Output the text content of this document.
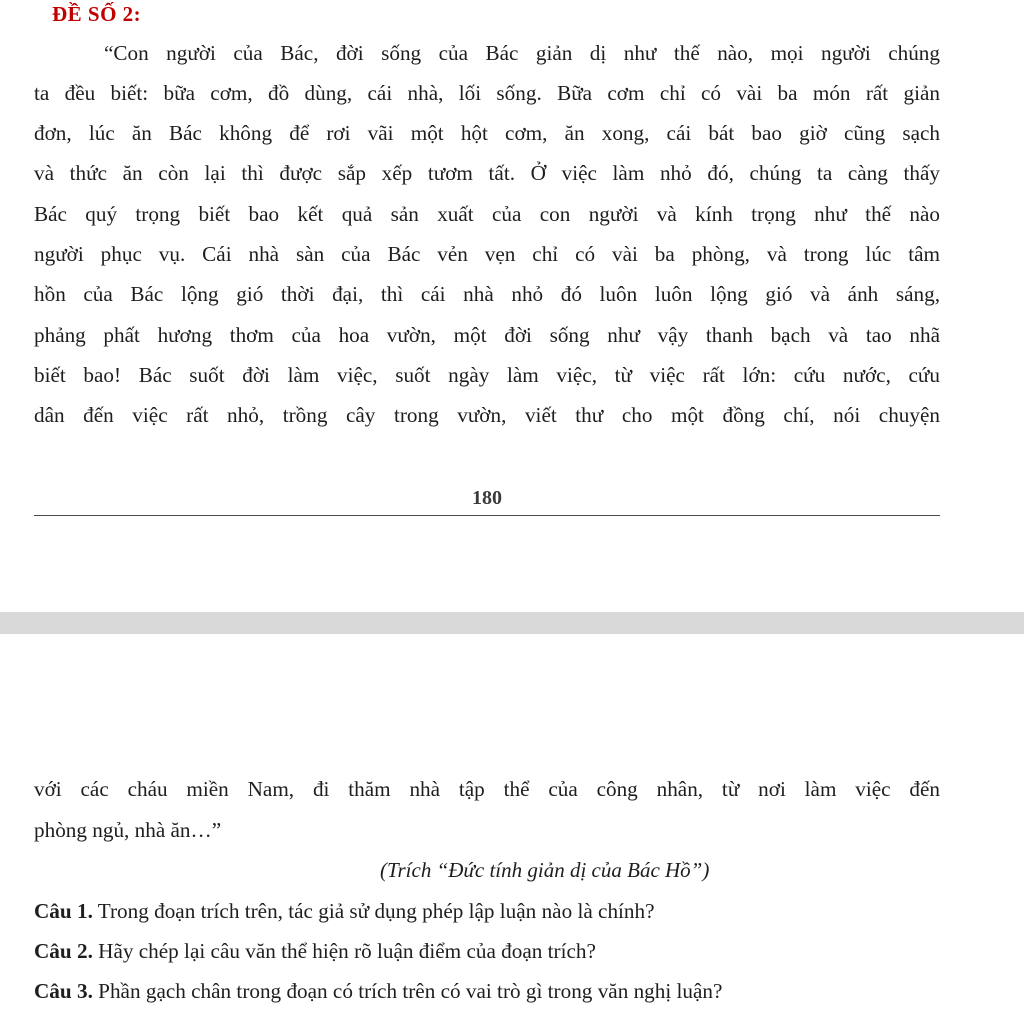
ĐỀ SỐ 2:
“Con người của Bác, đời sống của Bác giản dị như thế nào, mọi người chúng
ta đều biết: bữa cơm, đồ dùng, cái nhà, lối sống. Bữa cơm chỉ có vài ba món rất giản
đơn, lúc ăn Bác không để rơi vãi một hột cơm, ăn xong, cái bát bao giờ cũng sạch
và thức ăn còn lại thì được sắp xếp tươm tất. Ở việc làm nhỏ đó, chúng ta càng thấy
Bác quý trọng biết bao kết quả sản xuất của con người và kính trọng như thế nào
người phục vụ. Cái nhà sàn của Bác vẻn vẹn chỉ có vài ba phòng, và trong lúc tâm
hồn của Bác lộng gió thời đại, thì cái nhà nhỏ đó luôn luôn lộng gió và ánh sáng,
phảng phất hương thơm của hoa vườn, một đời sống như vậy thanh bạch và tao nhã
biết bao! Bác suốt đời làm việc, suốt ngày làm việc, từ việc rất lớn: cứu nước, cứu
dân đến việc rất nhỏ, trồng cây trong vườn, viết thư cho một đồng chí, nói chuyện
180
với các cháu miền Nam, đi thăm nhà tập thể của công nhân, từ nơi làm việc đến
phòng ngủ, nhà ăn…”
(Trích “Đức tính giản dị của Bác Hồ”)
Câu 1. Trong đoạn trích trên, tác giả sử dụng phép lập luận nào là chính?
Câu 2. Hãy chép lại câu văn thể hiện rõ luận điểm của đoạn trích?
Câu 3. Phần gạch chân trong đoạn có trích trên có vai trò gì trong văn nghị luận?
